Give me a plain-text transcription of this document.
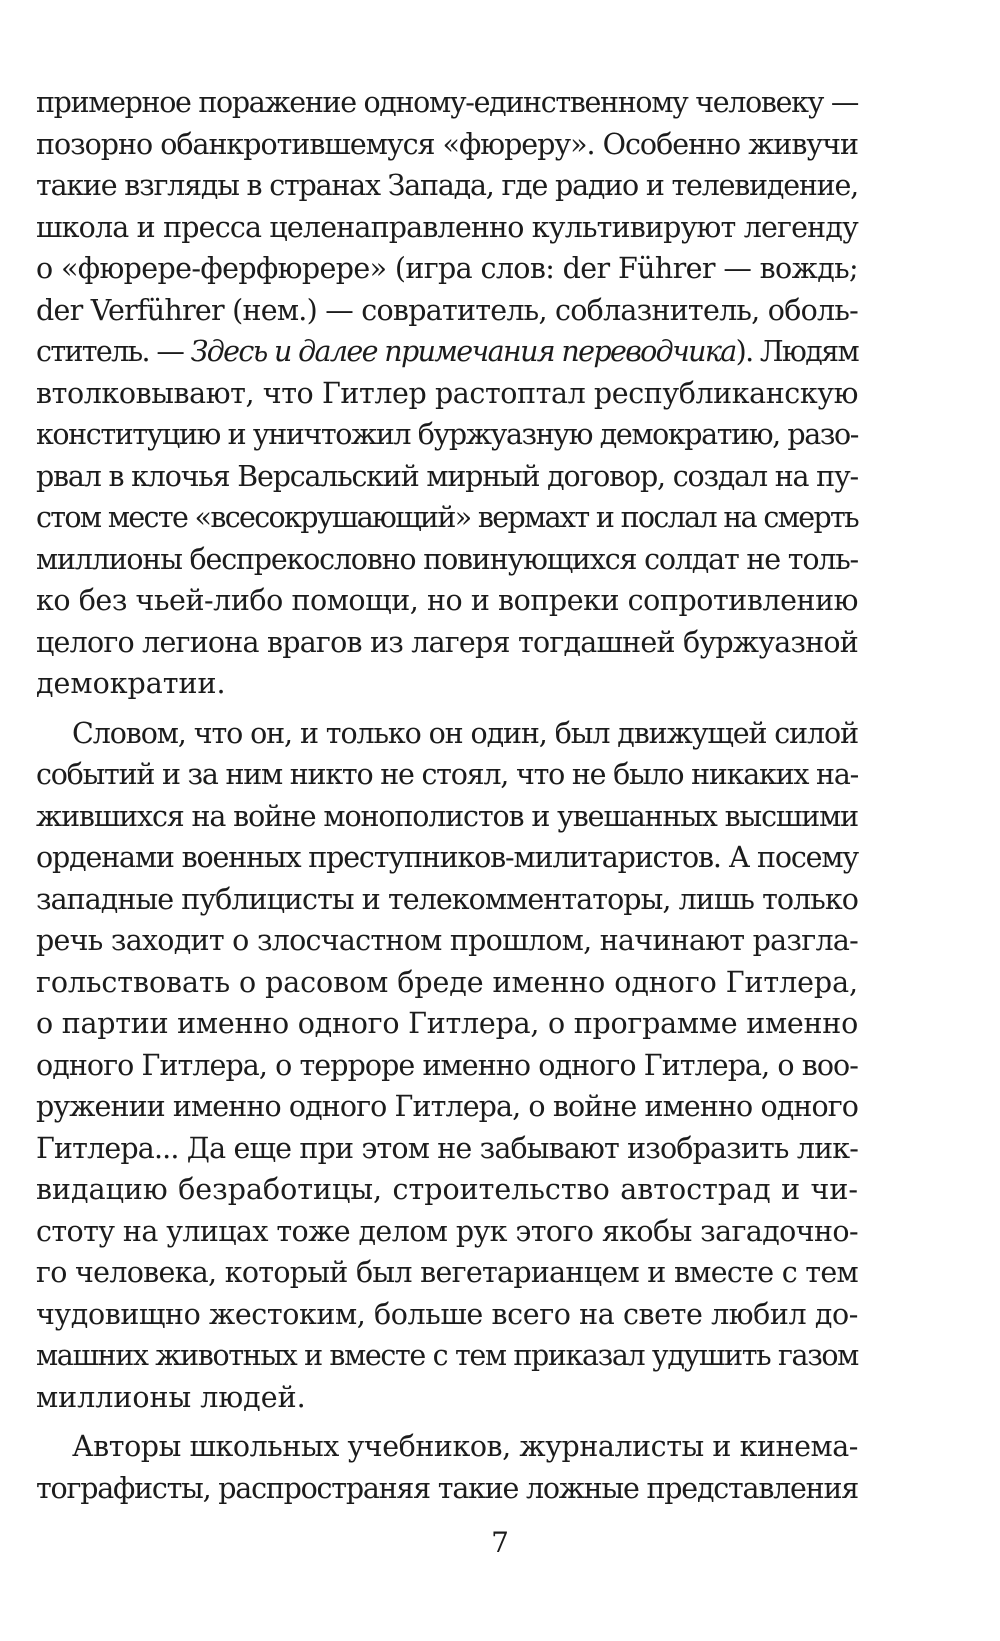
примерное поражение одному-единственному человеку —
позорно обанкротившемуся «фюреру». Особенно живучи
такие взгляды в странах Запада, где радио и телевидение,
школа и пресса целенаправленно культивируют легенду
о «фюрере-ферфюрере» (игра слов: der Führer — вождь;
der Verführer (нем.) — совратитель, соблазнитель, оболь-
ститель. — Здесь и далее примечания переводчика). Людям
втолковывают, что Гитлер растоптал республиканскую
конституцию и уничтожил буржуазную демократию, разо-
рвал в клочья Версальский мирный договор, создал на пу-
стом месте «всесокрушающий» вермахт и послал на смерть
миллионы беспрекословно повинующихся солдат не толь-
ко без чьей-либо помощи, но и вопреки сопротивлению
целого легиона врагов из лагеря тогдашней буржуазной
демократии.
Словом, что он, и только он один, был движущей силой
событий и за ним никто не стоял, что не было никаких на-
жившихся на войне монополистов и увешанных высшими
орденами военных преступников-милитаристов. А посему
западные публицисты и телекомментаторы, лишь только
речь заходит о злосчастном прошлом, начинают разгла-
гольствовать о расовом бреде именно одного Гитлера,
о партии именно одного Гитлера, о программе именно
одного Гитлера, о терроре именно одного Гитлера, о воо-
ружении именно одного Гитлера, о войне именно одного
Гитлера... Да еще при этом не забывают изобразить лик-
видацию безработицы, строительство автострад и чи-
стоту на улицах тоже делом рук этого якобы загадочно-
го человека, который был вегетарианцем и вместе с тем
чудовищно жестоким, больше всего на свете любил до-
машних животных и вместе с тем приказал удушить газом
миллионы людей.
Авторы школьных учебников, журналисты и кинема-
тографисты, распространяя такие ложные представления
7
